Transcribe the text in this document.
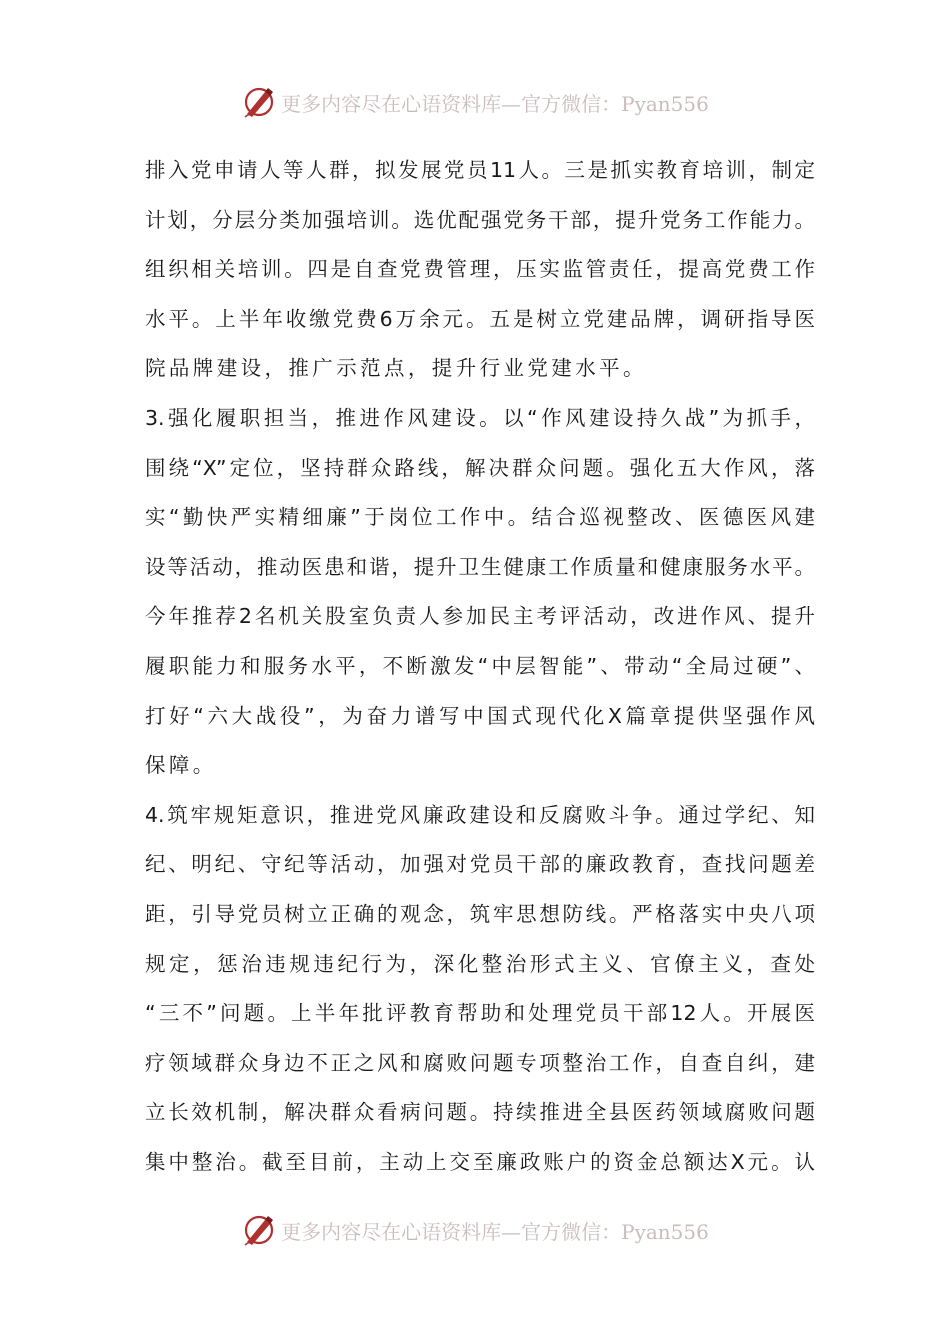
更多内容尽在心语资料库—官方微信：Pyan556
排入党申请人等人群，拟发展党员11人。三是抓实教育培训，制定
计划，分层分类加强培训。选优配强党务干部，提升党务工作能力。
组织相关培训。四是自查党费管理，压实监管责任，提高党费工作
水平。上半年收缴党费6万余元。五是树立党建品牌，调研指导医
院品牌建设，推广示范点，提升行业党建水平。
3.强化履职担当，推进作风建设。以“作风建设持久战”为抓手，
围绕“X”定位，坚持群众路线，解决群众问题。强化五大作风，落
实“勤快严实精细廉”于岗位工作中。结合巡视整改、医德医风建
设等活动，推动医患和谐，提升卫生健康工作质量和健康服务水平。
今年推荐2名机关股室负责人参加民主考评活动，改进作风、提升
履职能力和服务水平，不断激发“中层智能”、带动“全局过硬”、
打好“六大战役”，为奋力谱写中国式现代化X篇章提供坚强作风
保障。
4.筑牢规矩意识，推进党风廉政建设和反腐败斗争。通过学纪、知
纪、明纪、守纪等活动，加强对党员干部的廉政教育，查找问题差
距，引导党员树立正确的观念，筑牢思想防线。严格落实中央八项
规定，惩治违规违纪行为，深化整治形式主义、官僚主义，查处
“三不”问题。上半年批评教育帮助和处理党员干部12人。开展医
疗领域群众身边不正之风和腐败问题专项整治工作，自查自纠，建
立长效机制，解决群众看病问题。持续推进全县医药领域腐败问题
集中整治。截至目前，主动上交至廉政账户的资金总额达X元。认
更多内容尽在心语资料库—官方微信：Pyan556
